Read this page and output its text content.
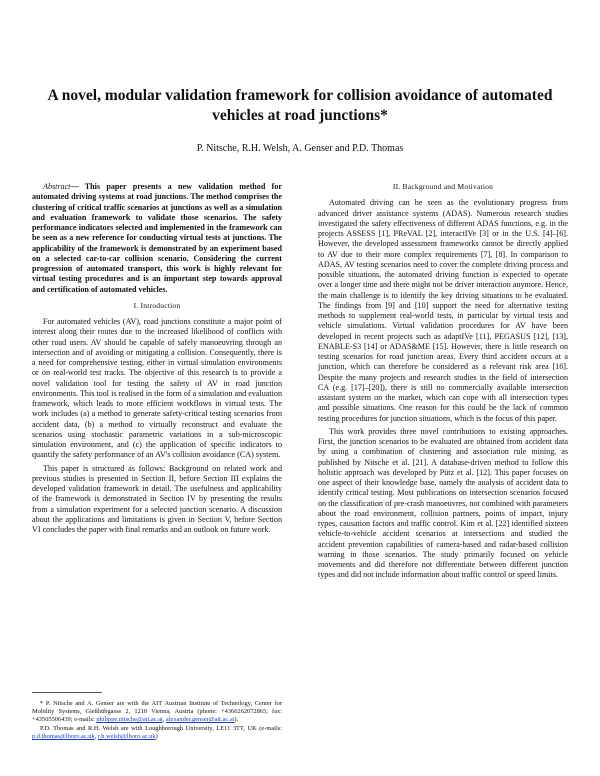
A novel, modular validation framework for collision avoidance of automated vehicles at road junctions*
P. Nitsche, R.H. Welsh, A. Genser and P.D. Thomas

Abstract— This paper presents a new validation method for automated driving systems at road junctions. The method comprises the clustering of critical traffic scenarios at junctions as well as a simulation and evaluation framework to validate those scenarios. The safety performance indicators selected and implemented in the framework can be seen as a new reference for conducting virtual tests at junctions. The applicability of the framework is demonstrated by an experiment based on a selected car-to-car collision scenario. Considering the current progression of automated transport, this work is highly relevant for virtual testing procedures and is an important step towards approval and certification of automated vehicles.

I. Introduction

For automated vehicles (AV), road junctions constitute a major point of interest along their routes due to the increased likelihood of conflicts with other road users. AV should be capable of safely manoeuvring through an intersection and of avoiding or mitigating a collision. Consequently, there is a need for comprehensive testing, either in virtual simulation environments or on real-world test tracks. The objective of this research is to provide a novel validation tool for testing the safety of AV in road junction environments. This tool is realised in the form of a simulation and evaluation framework, which leads to more efficient workflows in virtual tests. The work includes (a) a method to generate safety-critical testing scenarios from accident data, (b) a method to virtually reconstruct and evaluate the scenarios using stochastic parametric variations in a sub-microscopic simulation environment, and (c) the application of specific indicators to quantify the safety performance of an AV's collision avoidance (CA) system.

This paper is structured as follows: Background on related work and previous studies is presented in Section II, before Section III explains the developed validation framework in detail. The usefulness and applicability of the framework is demonstrated in Section IV by presenting the results from a simulation experiment for a selected junction scenario. A discussion about the applications and limitations is given in Section V, before Section VI concludes the paper with final remarks and an outlook on future work.

II. Background and Motivation

Automated driving can be seen as the evolutionary progress from advanced driver assistance systems (ADAS). Numerous research studies investigated the safety effectiveness of different ADAS functions, e.g. in the projects ASSESS [1], PReVAL [2], interactIVe [3] or in the U.S. [4]–[6]. However, the developed assessment frameworks cannot be directly applied to AV due to their more complex requirements [7], [8]. In comparison to ADAS, AV testing scenarios need to cover the complete driving process and possible situations, the automated driving function is expected to operate over a longer time and there might not be driver interaction anymore. Hence, the main challenge is to identify the key driving situations to be evaluated. The findings from [9] and [10] support the need for alternative testing methods to supplement real-world tests, in particular by virtual tests and vehicle simulations. Virtual validation procedures for AV have been developed in recent projects such as adaptIVe [11], PEGASUS [12], [13], ENABLE-S3 [14] or ADAS&ME [15]. However, there is little research on testing scenarios for road junction areas. Every third accident occurs at a junction, which can therefore be considered as a relevant risk area [16]. Despite the many projects and research studies in the field of intersection CA (e.g. [17]–[20]), there is still no commercially available intersection assistant system on the market, which can cope with all intersection types and possible situations. One reason for this could be the lack of common testing procedures for junction situations, which is the focus of this paper.

This work provides three novel contributions to existing approaches. First, the junction scenarios to be evaluated are obtained from accident data by using a combination of clustering and association rule mining, as published by Nitsche et al. [21]. A database-driven method to follow this holistic approach was developed by Pütz et al. [12]. This paper focuses on one aspect of their knowledge base, namely the analysis of accident data to identify critical testing. Most publications on intersection scenarios focused on the classification of pre-crash manoeuvres, not combined with parameters about the road environment, collision partners, points of impact, injury types, causation factors and traffic control. Kim et al. [22] identified sixteen vehicle-to-vehicle accident scenarios at intersections and studied the accident prevention capabilities of camera-based and radar-based collision warning in those scenarios. The study primarily focused on vehicle movements and did therefore not differentiate between different junction types and did not include information about traffic control or speed limits.

* P. Nitsche and A. Genser are with the AIT Austrian Institute of Technology, Center for Mobility Systems, Gießhübgasse 2, 1210 Vienna, Austria (phone: +4366262072865; fax: +43505506439; e-mails: philippe.nitsche@ait.ac.at, alexander.genser@ait.ac.at).

P.D. Thomas and R.H. Welsh are with Loughborough University, LE11 3TT, UK (e-mails: p.d.thomas@lboro.ac.uk, r.h.welsh@lboro.ac.uk)
